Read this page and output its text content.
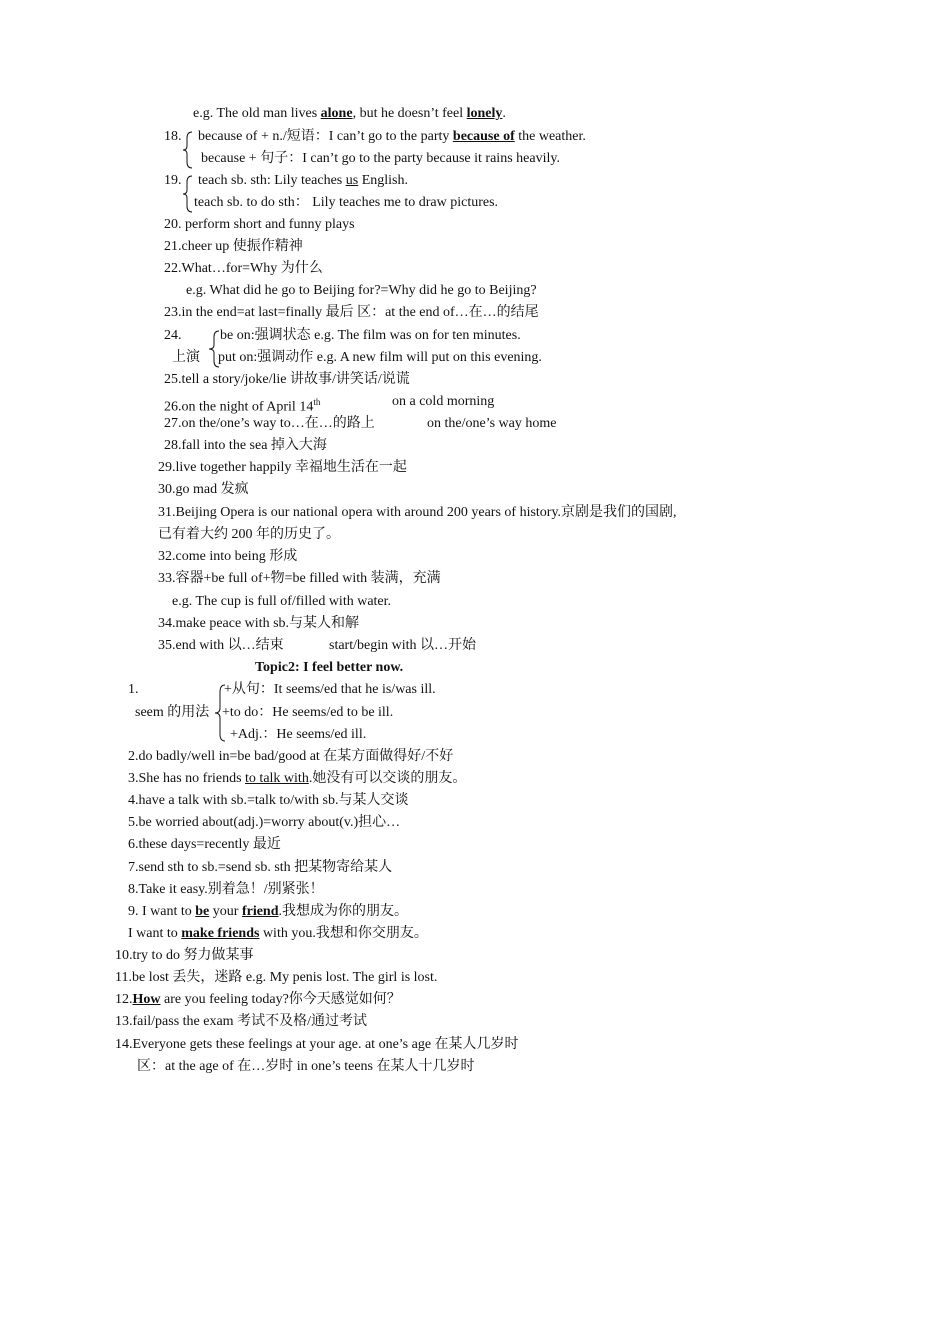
e.g. The old man lives alone, but he doesn’t feel lonely.
18. because of + n./短语：I can’t go to the party because of the weather.
because + 句子：I can’t go to the party because it rains heavily.
19. teach sb. sth: Lily teaches us English.
teach sb. to do sth： Lily teaches me to draw pictures.
20. perform short and funny plays
21.cheer up 使振作精神
22.What…for=Why 为什么
e.g. What did he go to Beijing for?=Why did he go to Beijing?
23.in the end=at last=finally 最后 区：at the end of…在…的结尾
24.	be on:强调状态 e.g. The film was on for ten minutes.
上演 put on:强调动作 e.g. A new film will put on this evening.
25.tell a story/joke/lie 讲故事/讲笑话/说谎
26.on the night of April 14th	on a cold morning
27.on the/one’s way to…在…的路上	on the/one’s way home
28.fall into the sea 掉入大海
29.live together happily 幸福地生活在一起
30.go mad 发疯
31.Beijing Opera is our national opera with around 200 years of history.京剧是我们的国剧,
已有着大约 200 年的历史了。
32.come into being 形成
33.容器+be full of+物=be filled with 装满，充满
e.g. The cup is full of/filled with water.
34.make peace with sb.与某人和解
35.end with 以…结束	start/begin with 以…开始
Topic2: I feel better now.
1.	+从句：It seems/ed that he is/was ill.
seem 的用法 +to do：He seems/ed to be ill.
+Adj.：He seems/ed ill.
2.do badly/well in=be bad/good at 在某方面做得好/不好
3.She has no friends to talk with.她没有可以交谈的朋友。
4.have a talk with sb.=talk to/with sb.与某人交谈
5.be worried about(adj.)=worry about(v.)担心…
6.these days=recently 最近
7.send sth to sb.=send sb. sth 把某物寄给某人
8.Take it easy.别着急！/别紧张！
9. I want to be your friend.我想成为你的朋友。
I want to make friends with you.我想和你交朋友。
10.try to do 努力做某事
11.be lost 丢失，迷路 e.g. My penis lost. The girl is lost.
12.How are you feeling today?你今天感觉如何？
13.fail/pass the exam 考试不及格/通过考试
14.Everyone gets these feelings at your age. at one’s age 在某人几岁时
区：at the age of 在…岁时 in one’s teens 在某人十几岁时
